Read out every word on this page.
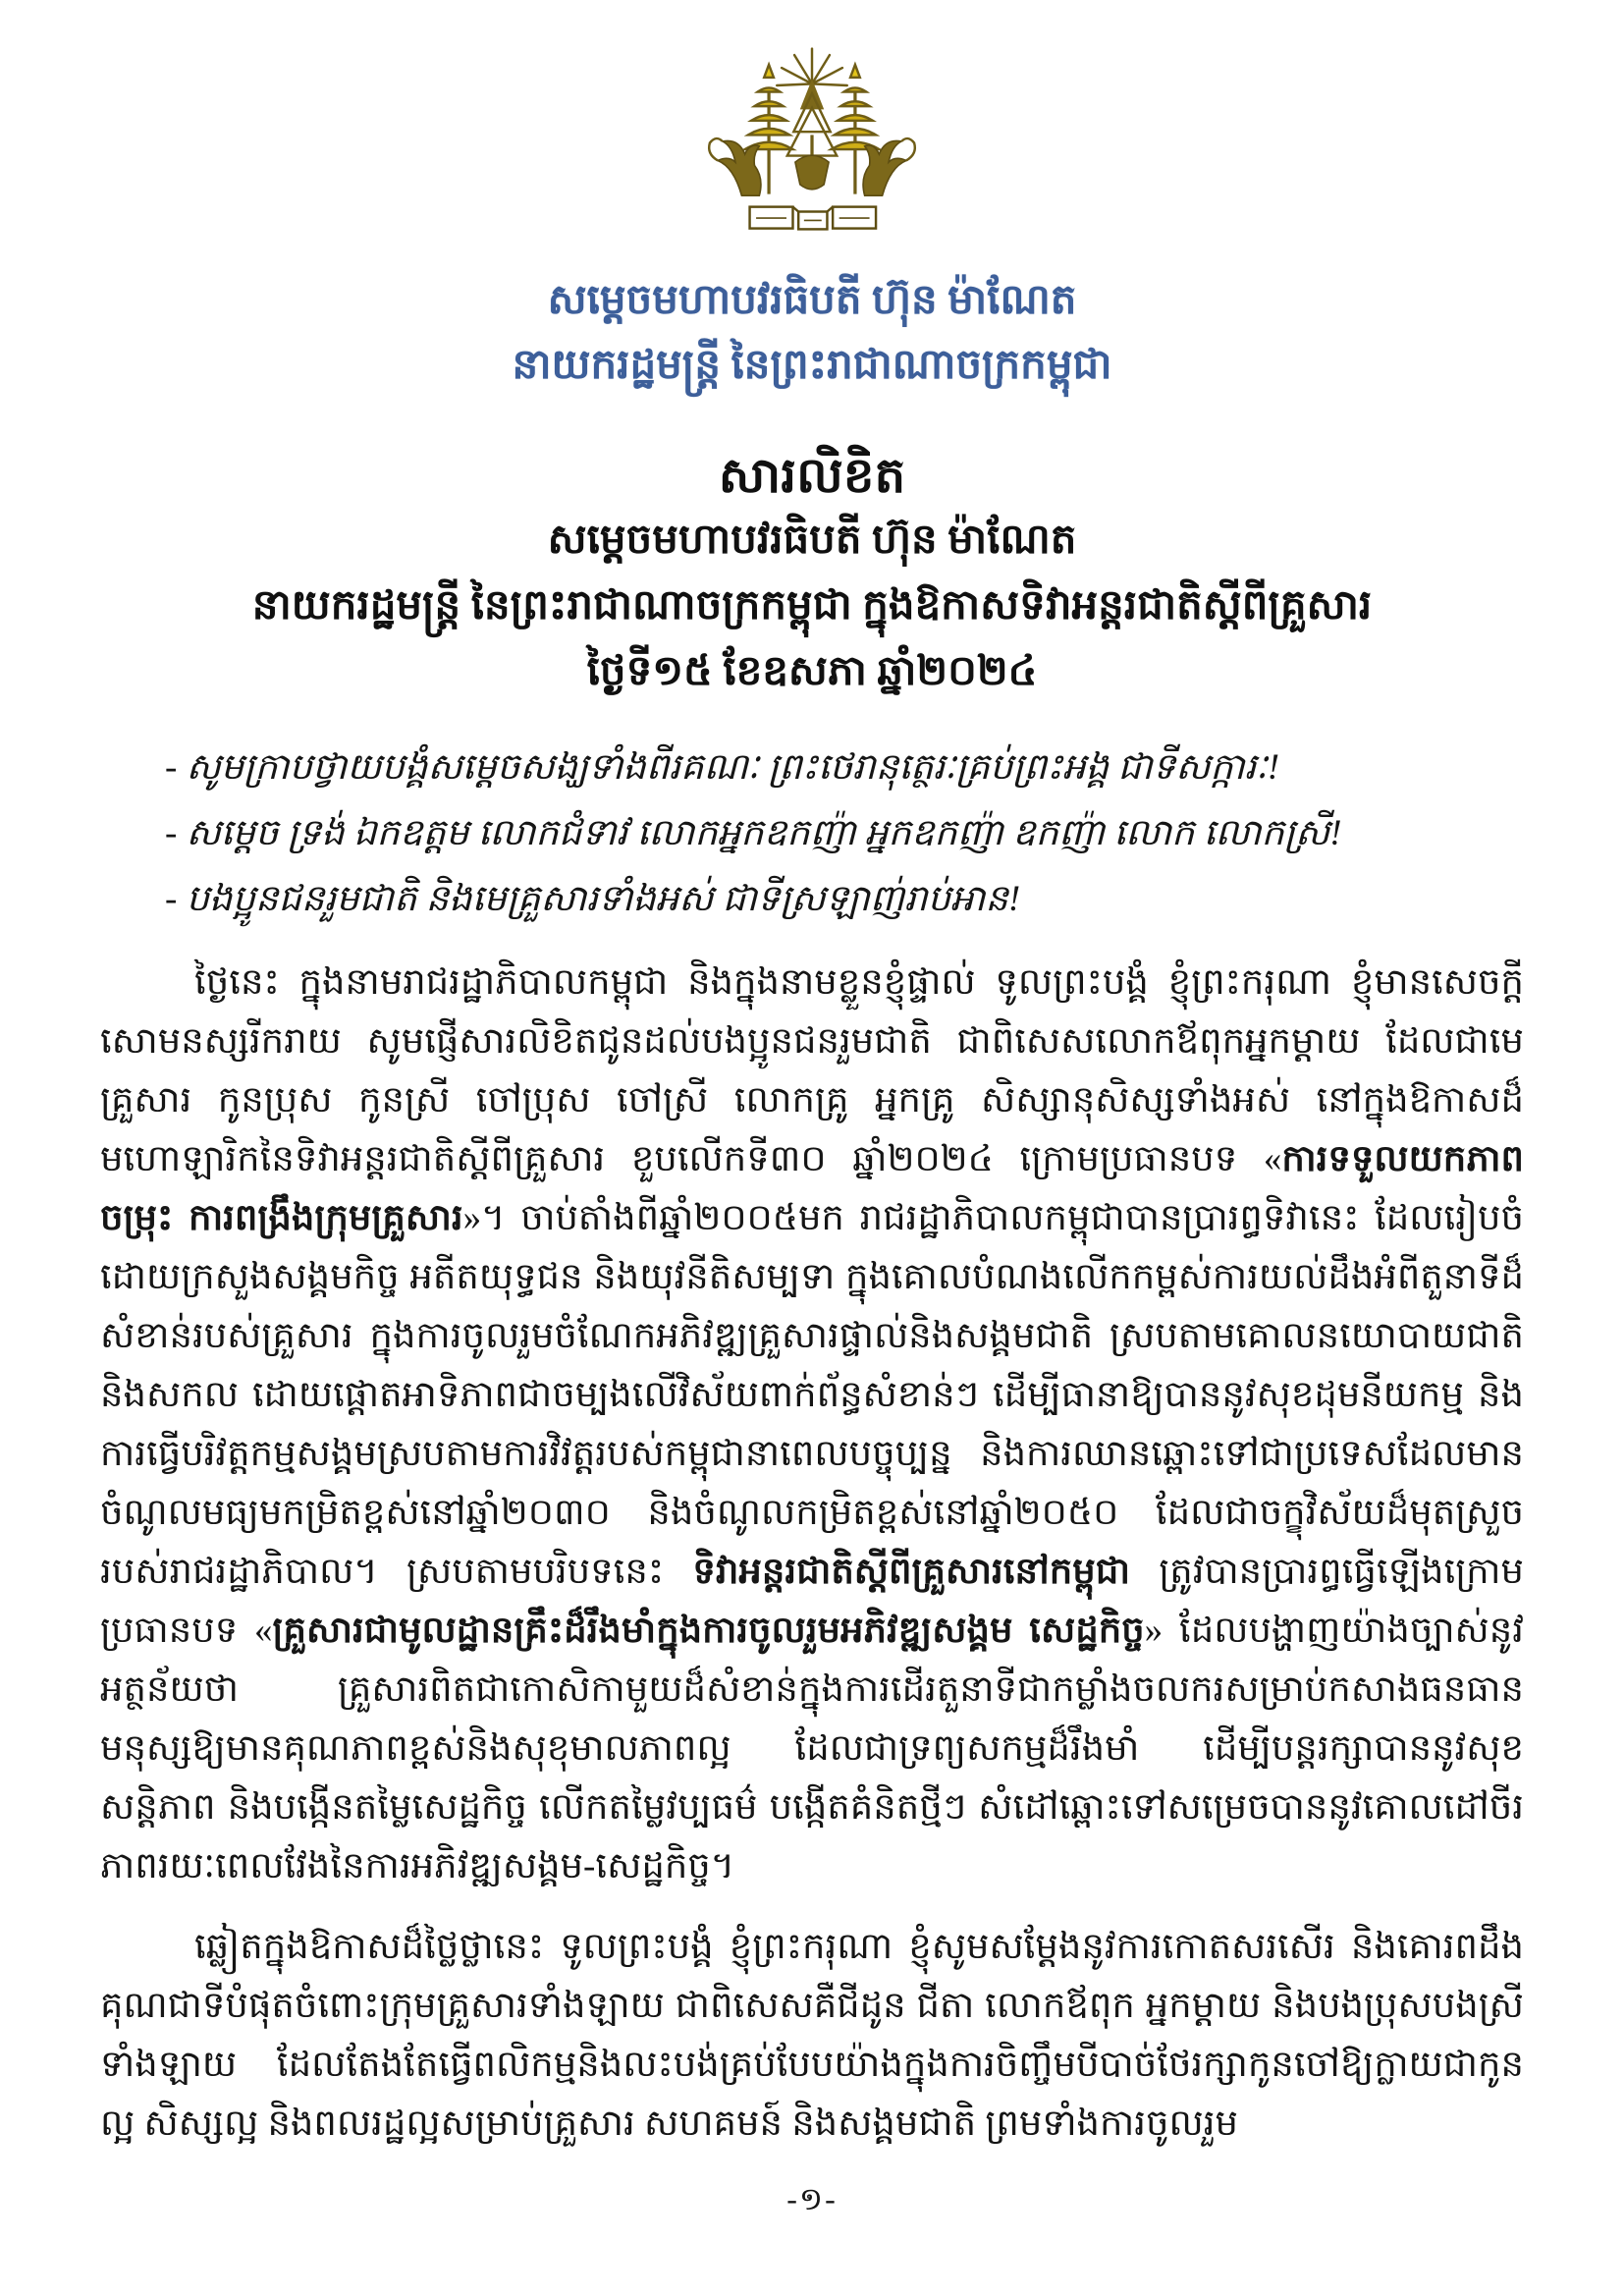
សម្តេចមហាបវរធិបតី ហ៊ុន ម៉ាណែត
នាយករដ្ឋមន្ត្រី នៃព្រះរាជាណាចក្រកម្ពុជា
សារលិខិត
សម្តេចមហាបវរធិបតី ហ៊ុន ម៉ាណែត
នាយករដ្ឋមន្ត្រី នៃព្រះរាជាណាចក្រកម្ពុជា ក្នុងឱកាសទិវាអន្តរជាតិស្តីពីគ្រួសារ
ថ្ងៃទី១៥ ខែឧសភា ឆ្នាំ២០២៤

- សូមក្រាបថ្វាយបង្គំសម្តេចសង្ឃទាំងពីរគណៈ ព្រះថេរានុត្ថេរៈគ្រប់ព្រះអង្គ ជាទីសក្ការៈ!

- សម្តេច ទ្រង់ ឯកឧត្តម លោកជំទាវ លោកអ្នកឧកញ៉ា អ្នកឧកញ៉ា ឧកញ៉ា លោក លោកស្រី!

- បងប្អូនជនរួមជាតិ និងមេគ្រួសារទាំងអស់ ជាទីស្រឡាញ់រាប់អាន!

ថ្ងៃនេះ ក្នុងនាមរាជរដ្ឋាភិបាលកម្ពុជា និងក្នុងនាមខ្លួនខ្ញុំផ្ទាល់ ទូលព្រះបង្គំ ខ្ញុំព្រះករុណា ខ្ញុំមានសេចក្តីសោមនស្សរីករាយ សូមផ្ញើសារលិខិតជូនដល់បងប្អូនជនរួមជាតិ ជាពិសេសលោកឪពុកអ្នកម្តាយ ដែលជាមេគ្រួសារ កូនប្រុស កូនស្រី ចៅប្រុស ចៅស្រី លោកគ្រូ អ្នកគ្រូ សិស្សានុសិស្សទាំងអស់ នៅក្នុងឱកាសដ៏មហោឡារិកនៃទិវាអន្តរជាតិស្តីពីគ្រួសារ ខួបលើកទី៣០ ឆ្នាំ២០២៤ ក្រោមប្រធានបទ «ការទទួលយកភាពចម្រុះ ការពង្រឹងក្រុមគ្រួសារ»។ ចាប់តាំងពីឆ្នាំ២០០៥មក រាជរដ្ឋាភិបាលកម្ពុជាបានប្រារព្ធទិវានេះ ដែលរៀបចំដោយក្រសួងសង្គមកិច្ច អតីតយុទ្ធជន និងយុវនីតិសម្បទា ក្នុងគោលបំណងលើកកម្ពស់ការយល់ដឹងអំពីតួនាទីដ៏សំខាន់របស់គ្រួសារ ក្នុងការចូលរួមចំណែកអភិវឌ្ឍគ្រួសារផ្ទាល់និងសង្គមជាតិ ស្របតាមគោលនយោបាយជាតិនិងសកល ដោយផ្តោតអាទិភាពជាចម្បងលើវិស័យពាក់ព័ន្ធសំខាន់ៗ ដើម្បីធានាឱ្យបាននូវសុខដុមនីយកម្ម និងការធ្វើបរិវត្តកម្មសង្គមស្របតាមការវិវត្តរបស់កម្ពុជានាពេលបច្ចុប្បន្ន និងការឈានឆ្ពោះទៅជាប្រទេសដែលមានចំណូលមធ្យមកម្រិតខ្ពស់នៅឆ្នាំ២០៣០ និងចំណូលកម្រិតខ្ពស់នៅឆ្នាំ២០៥០ ដែលជាចក្ខុវិស័យដ៏មុតស្រួចរបស់រាជរដ្ឋាភិបាល។ ស្របតាមបរិបទនេះ ទិវាអន្តរជាតិស្តីពីគ្រួសារនៅកម្ពុជា ត្រូវបានប្រារព្ធធ្វើឡើងក្រោមប្រធានបទ «គ្រួសារជាមូលដ្ឋានគ្រឹះដ៏រឹងមាំក្នុងការចូលរួមអភិវឌ្ឍសង្គម សេដ្ឋកិច្ច» ដែលបង្ហាញយ៉ាងច្បាស់នូវអត្ថន័យថា គ្រួសារពិតជាកោសិកាមួយដ៏សំខាន់ក្នុងការដើរតួនាទីជាកម្លាំងចលករសម្រាប់កសាងធនធានមនុស្សឱ្យមានគុណភាពខ្ពស់និងសុខុមាលភាពល្អ ដែលជាទ្រព្យសកម្មដ៏រឹងមាំ ដើម្បីបន្តរក្សាបាននូវសុខសន្តិភាព និងបង្កើនតម្លៃសេដ្ឋកិច្ច លើកតម្លៃវប្បធម៌ បង្កើតគំនិតថ្មីៗ សំដៅឆ្ពោះទៅសម្រេចបាននូវគោលដៅចីរភាពរយៈពេលវែងនៃការអភិវឌ្ឍសង្គម-សេដ្ឋកិច្ច។

ឆ្លៀតក្នុងឱកាសដ៏ថ្លៃថ្លានេះ ទូលព្រះបង្គំ ខ្ញុំព្រះករុណា ខ្ញុំសូមសម្តែងនូវការកោតសរសើរ និងគោរពដឹងគុណជាទីបំផុតចំពោះក្រុមគ្រួសារទាំងឡាយ ជាពិសេសគឺជីដូន ជីតា លោកឪពុក អ្នកម្តាយ និងបងប្រុសបងស្រីទាំងឡាយ ដែលតែងតែធ្វើពលិកម្មនិងលះបង់គ្រប់បែបយ៉ាងក្នុងការចិញ្ចឹមបីបាច់ថែរក្សាកូនចៅឱ្យក្លាយជាកូនល្អ សិស្សល្អ និងពលរដ្ឋល្អសម្រាប់គ្រួសារ សហគមន៍ និងសង្គមជាតិ ព្រមទាំងការចូលរួម

-១-
